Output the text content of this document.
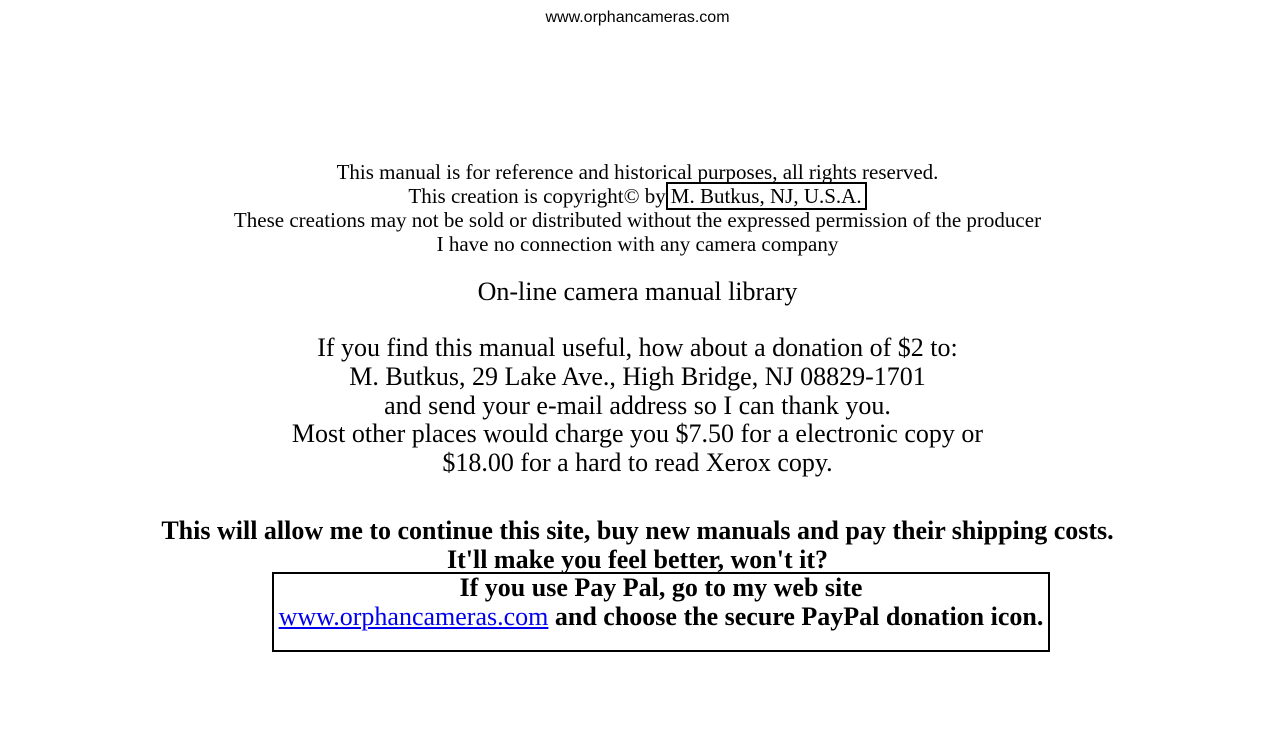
www.orphancameras.com
This manual is for reference and historical purposes, all rights reserved.
This creation is copyright© by M. Butkus, NJ, U.S.A.
These creations may not be sold or distributed without the expressed permission of the producer
I have no connection with any camera company
On-line camera manual library
If you find this manual useful, how about a donation of $2 to:
M. Butkus, 29 Lake Ave., High Bridge, NJ 08829-1701
and send your e-mail address so I can thank you.
Most other places would charge you $7.50 for a electronic copy or
$18.00 for a hard to read Xerox copy.
This will allow me to continue this site, buy new manuals and pay their shipping costs.
It'll make you feel better, won't it?
If you use Pay Pal, go to my web site
www.orphancameras.com and choose the secure PayPal donation icon.
